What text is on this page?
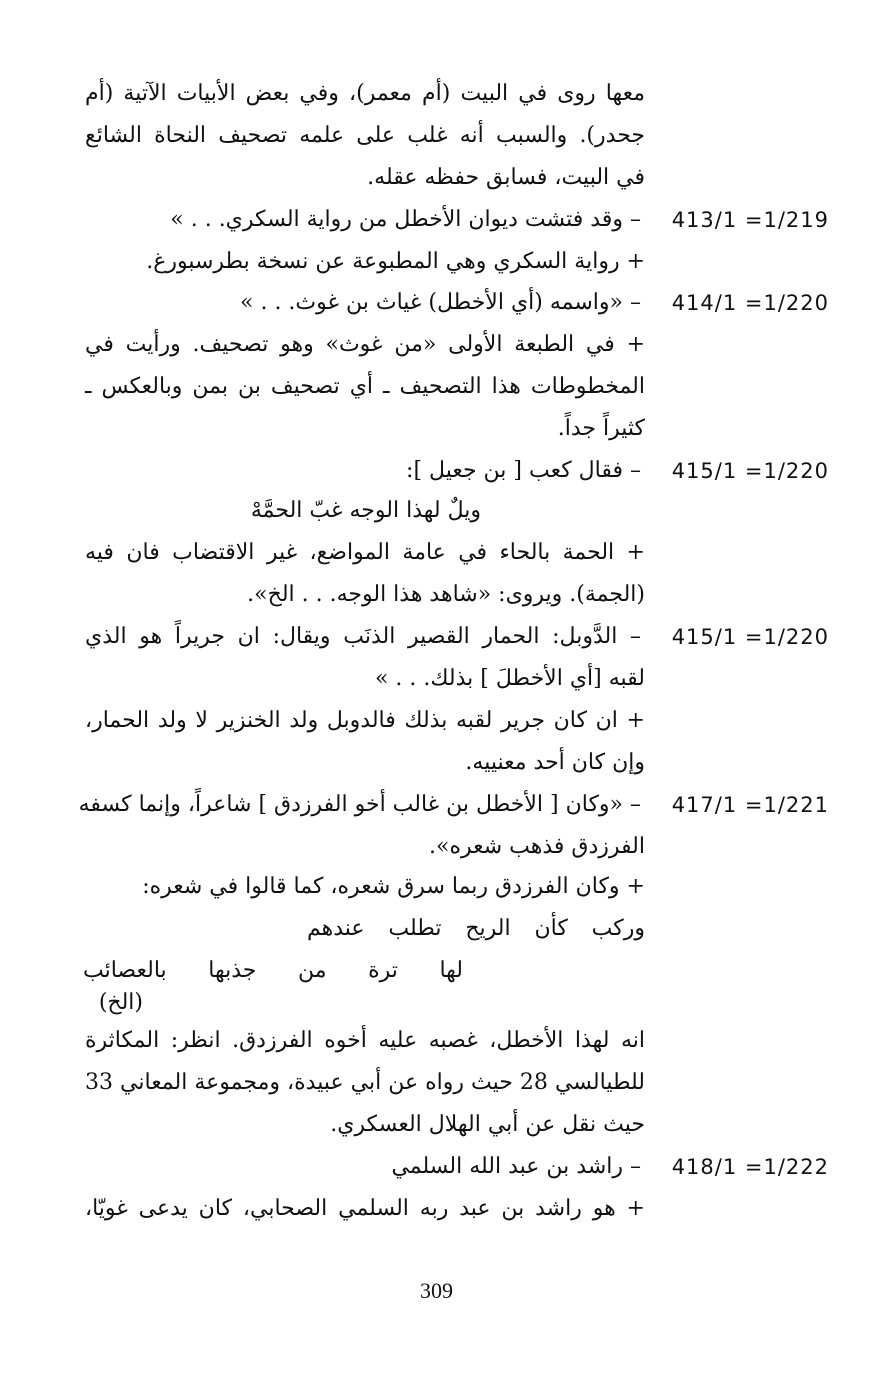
معها روى في البيت (أم معمر)، وفي بعض الأبيات الآتية (أم
جحدر). والسبب أنه غلب على علمه تصحيف النحاة الشائع
في البيت، فسابق حفظه عقله.
413/1 =1/219
– وقد فتشت ديوان الأخطل من رواية السكري. . . »
+ رواية السكري وهي المطبوعة عن نسخة بطرسبورغ.
414/1 =1/220
– «واسمه (أي الأخطل) غياث بن غوث. . . »
+ في الطبعة الأولى «من غوث» وهو تصحيف. ورأيت في
المخطوطات هذا التصحيف ـ أي تصحيف بن بمن وبالعكس ـ
كثيراً جداً.
415/1 =1/220
– فقال كعب [ بن جعيل ]:
ويلٌ لهذا الوجه غبّ الحمَّهْ
+ الحمة بالحاء في عامة المواضع، غير الاقتضاب فان فيه
(الجمة). ويروى: «شاهد هذا الوجه. . . الخ».
415/1 =1/220
– الدَّوبل: الحمار القصير الذنَب ويقال: ان جريراً هو الذي
لقبه [أي الأخطلَ ] بذلك. . . »
+ ان كان جرير لقبه بذلك فالدوبل ولد الخنزير لا ولد الحمار،
وإن كان أحد معنييه.
417/1 =1/221
– «وكان [ الأخطل بن غالب أخو الفرزدق ] شاعراً، وإنما كسفه
الفرزدق فذهب شعره».
+ وكان الفرزدق ربما سرق شعره، كما قالوا في شعره:
وركب كأن الريح تطلب عندهم
لها ترة من جذبها بالعصائب
(الخ)
انه لهذا الأخطل، غصبه عليه أخوه الفرزدق. انظر: المكاثرة
للطيالسي 28 حيث رواه عن أبي عبيدة، ومجموعة المعاني 33
حيث نقل عن أبي الهلال العسكري.
418/1 =1/222
– راشد بن عبد الله السلمي
+ هو راشد بن عبد ربه السلمي الصحابي، كان يدعى غويّا،
309
